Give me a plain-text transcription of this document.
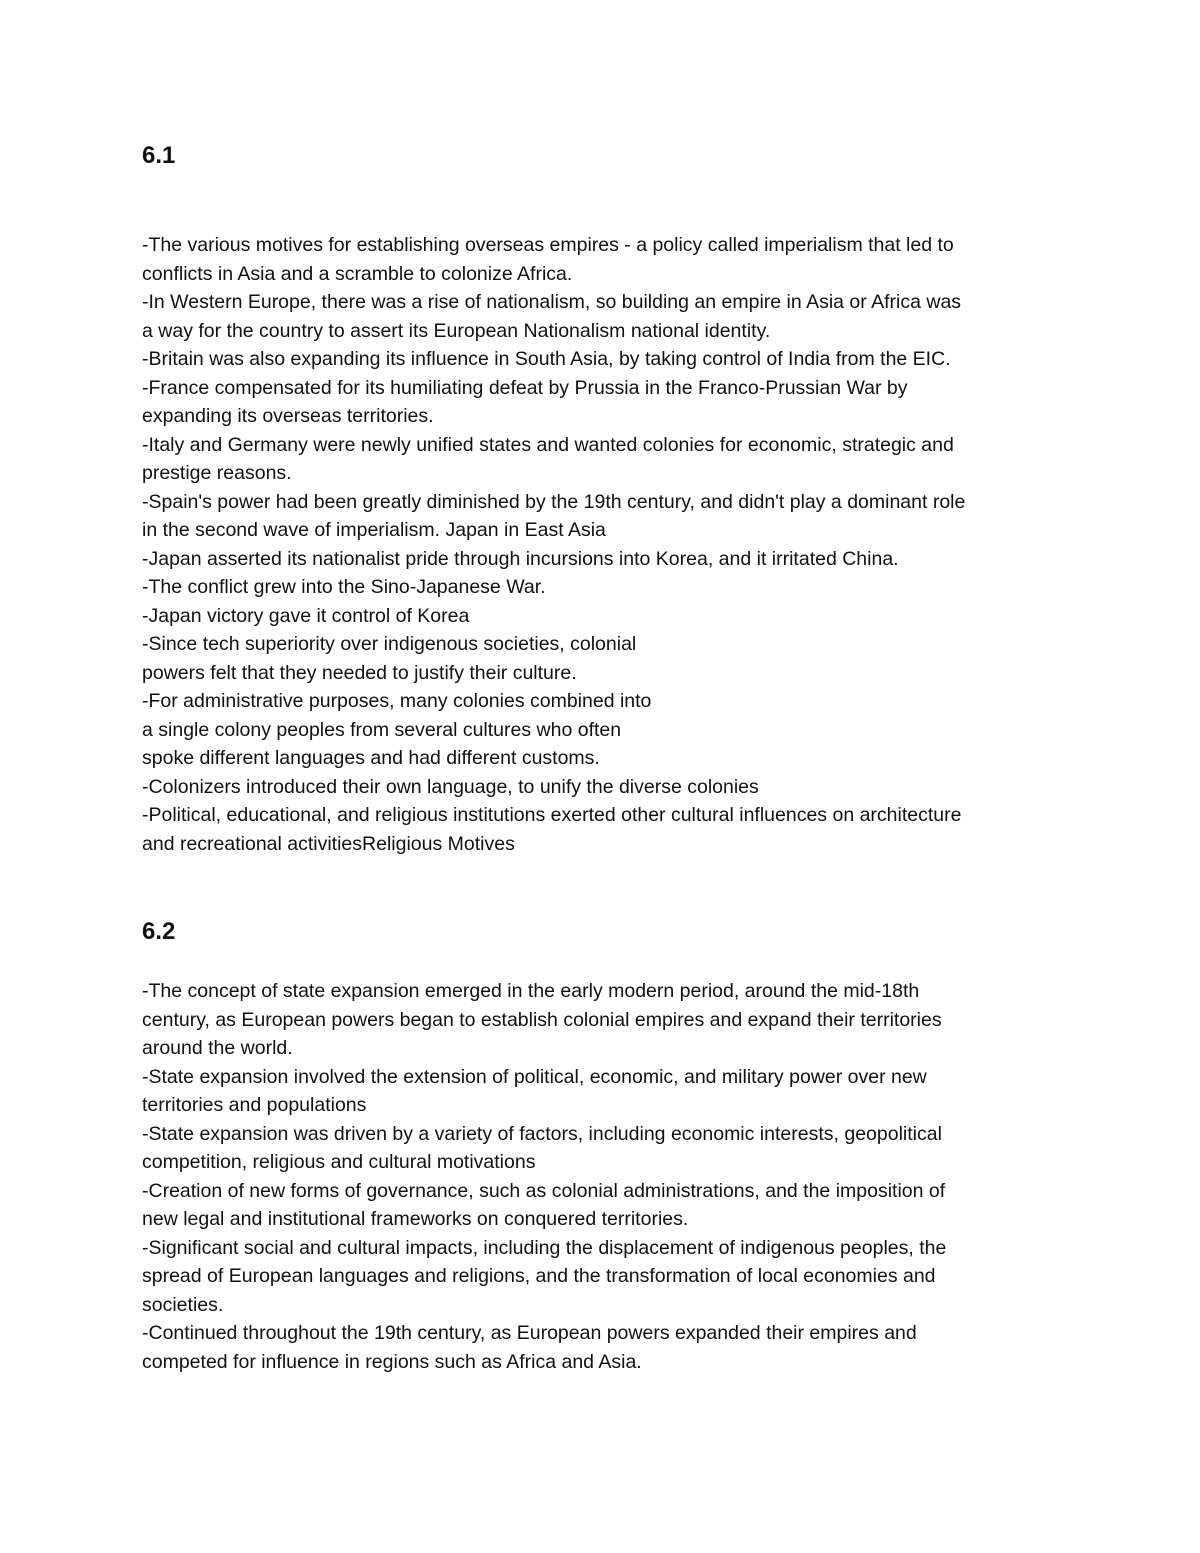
6.1
-The various motives for establishing overseas empires - a policy called imperialism that led to
conflicts in Asia and a scramble to colonize Africa.
-In Western Europe, there was a rise of nationalism, so building an empire in Asia or Africa was
a way for the country to assert its European Nationalism national identity.
-Britain was also expanding its influence in South Asia, by taking control of India from the EIC.
-France compensated for its humiliating defeat by Prussia in the Franco-Prussian War by
expanding its overseas territories.
-Italy and Germany were newly unified states and wanted colonies for economic, strategic and
prestige reasons.
-Spain's power had been greatly diminished by the 19th century, and didn't play a dominant role
in the second wave of imperialism. Japan in East Asia
-Japan asserted its nationalist pride through incursions into Korea, and it irritated China.
-The conflict grew into the Sino-Japanese War.
-Japan victory gave it control of Korea
-Since tech superiority over indigenous societies, colonial
powers felt that they needed to justify their culture.
-For administrative purposes, many colonies combined into
a single colony peoples from several cultures who often
spoke different languages and had different customs.
-Colonizers introduced their own language, to unify the diverse colonies
-Political, educational, and religious institutions exerted other cultural influences on architecture
and recreational activitiesReligious Motives
6.2
-The concept of state expansion emerged in the early modern period, around the mid-18th
century, as European powers began to establish colonial empires and expand their territories
around the world.
-State expansion involved the extension of political, economic, and military power over new
territories and populations
-State expansion was driven by a variety of factors, including economic interests, geopolitical
competition, religious and cultural motivations
-Creation of new forms of governance, such as colonial administrations, and the imposition of
new legal and institutional frameworks on conquered territories.
-Significant social and cultural impacts, including the displacement of indigenous peoples, the
spread of European languages and religions, and the transformation of local economies and
societies.
-Continued throughout the 19th century, as European powers expanded their empires and
competed for influence in regions such as Africa and Asia.
